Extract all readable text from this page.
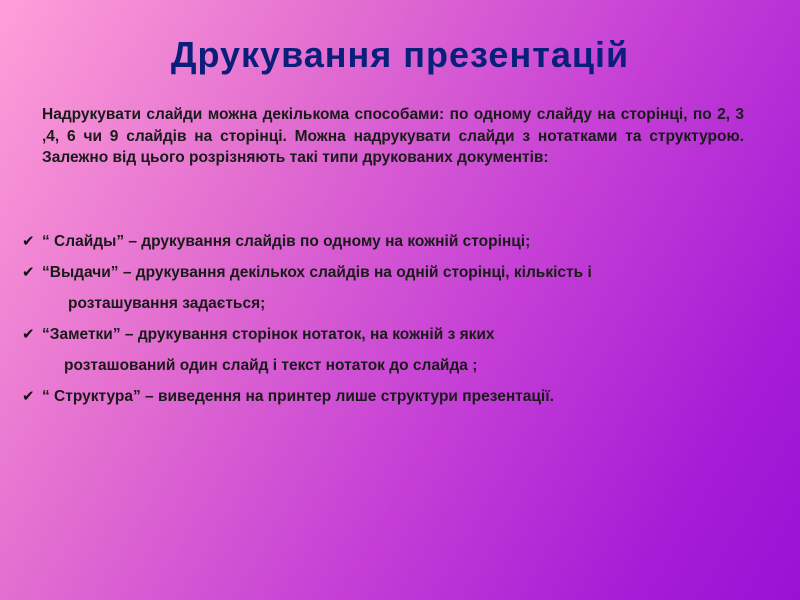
Друкування презентацій
Надрукувати слайди можна декількома способами: по одному слайду на сторінці, по 2, 3 ,4, 6 чи 9 слайдів на сторінці. Можна надрукувати слайди з нотатками та структурою. Залежно від цього розрізняють такі типи друкованих документів:
✔ “ Слайды” – друкування слайдів по одному на кожній сторінці;
✔ “Выдачи” – друкування декількох слайдів на одній сторінці, кількість і
розташування задається;
✔ “Заметки” – друкування сторінок нотаток, на кожній з яких
розташований один слайд і текст нотаток до слайда ;
✔ “ Структура” – виведення на принтер лише структури презентації.
